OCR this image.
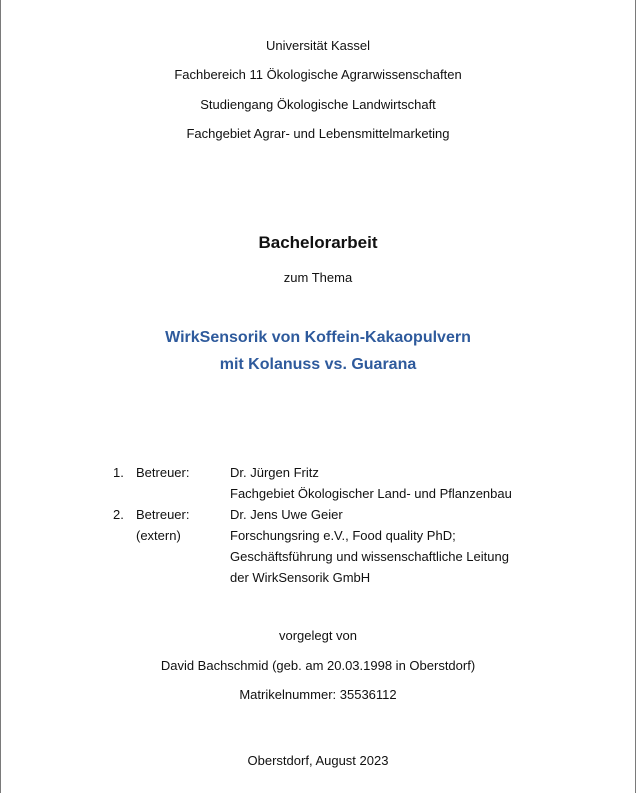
Universität Kassel
Fachbereich 11 Ökologische Agrarwissenschaften
Studiengang Ökologische Landwirtschaft
Fachgebiet Agrar- und Lebensmittelmarketing
Bachelorarbeit
zum Thema
WirkSensorik von Koffein-Kakaopulvern
mit Kolanuss vs. Guarana
1. Betreuer:	Dr. Jürgen Fritz
Fachgebiet Ökologischer Land- und Pflanzenbau
2. Betreuer:
(extern)
Dr. Jens Uwe Geier
Forschungsring e.V., Food quality PhD;
Geschäftsführung und wissenschaftliche Leitung
der WirkSensorik GmbH
vorgelegt von
David Bachschmid (geb. am 20.03.1998 in Oberstdorf)
Matrikelnummer: 35536112
Oberstdorf, August 2023
